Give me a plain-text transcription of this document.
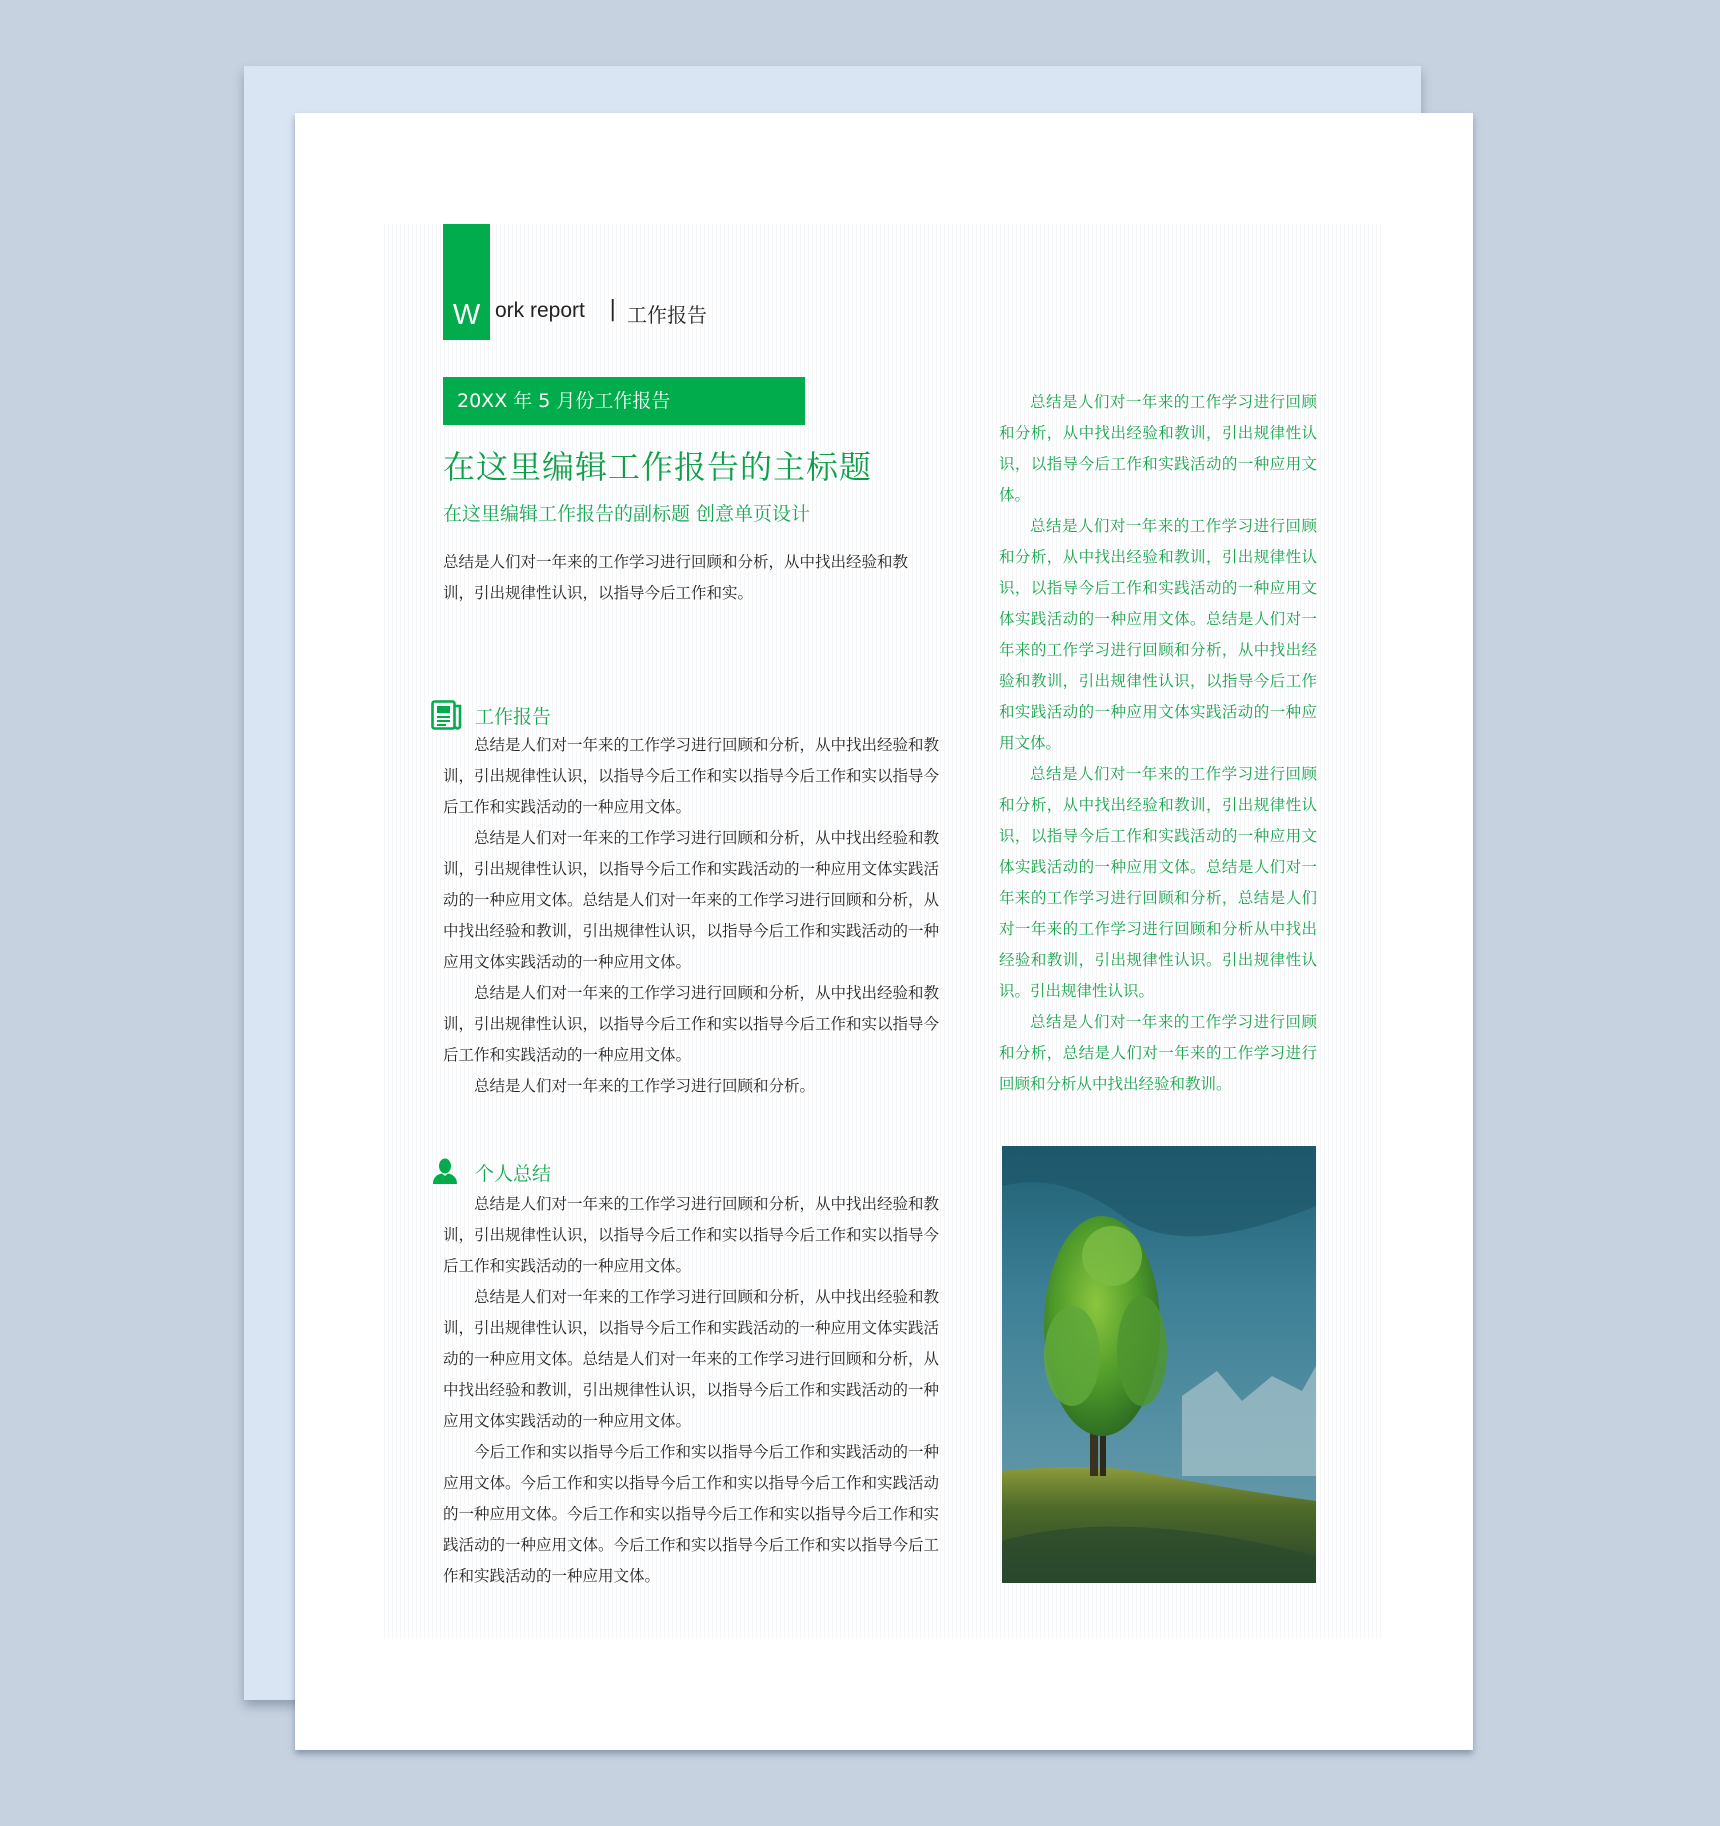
W ork report | 工作报告
20XX 年 5 月份工作报告
在这里编辑工作报告的主标题
在这里编辑工作报告的副标题 创意单页设计
总结是人们对一年来的工作学习进行回顾和分析，从中找出经验和教训，引出规律性认识，以指导今后工作和实。
工作报告

总结是人们对一年来的工作学习进行回顾和分析，从中找出经验和教训，引出规律性认识，以指导今后工作和实以指导今后工作和实以指导今后工作和实践活动的一种应用文体。

总结是人们对一年来的工作学习进行回顾和分析，从中找出经验和教训，引出规律性认识，以指导今后工作和实践活动的一种应用文体实践活动的一种应用文体。总结是人们对一年来的工作学习进行回顾和分析，从中找出经验和教训，引出规律性认识，以指导今后工作和实践活动的一种应用文体实践活动的一种应用文体。

总结是人们对一年来的工作学习进行回顾和分析，从中找出经验和教训，引出规律性认识，以指导今后工作和实以指导今后工作和实以指导今后工作和实践活动的一种应用文体。

总结是人们对一年来的工作学习进行回顾和分析。

个人总结

总结是人们对一年来的工作学习进行回顾和分析，从中找出经验和教训，引出规律性认识，以指导今后工作和实以指导今后工作和实以指导今后工作和实践活动的一种应用文体。

总结是人们对一年来的工作学习进行回顾和分析，从中找出经验和教训，引出规律性认识，以指导今后工作和实践活动的一种应用文体实践活动的一种应用文体。总结是人们对一年来的工作学习进行回顾和分析，从中找出经验和教训，引出规律性认识，以指导今后工作和实践活动的一种应用文体实践活动的一种应用文体。

今后工作和实以指导今后工作和实以指导今后工作和实践活动的一种应用文体。今后工作和实以指导今后工作和实以指导今后工作和实践活动的一种应用文体。今后工作和实以指导今后工作和实以指导今后工作和实践活动的一种应用文体。今后工作和实以指导今后工作和实以指导今后工作和实践活动的一种应用文体。

总结是人们对一年来的工作学习进行回顾和分析，从中找出经验和教训，引出规律性认识，以指导今后工作和实践活动的一种应用文体。

总结是人们对一年来的工作学习进行回顾和分析，从中找出经验和教训，引出规律性认识，以指导今后工作和实践活动的一种应用文体实践活动的一种应用文体。总结是人们对一年来的工作学习进行回顾和分析，从中找出经验和教训，引出规律性认识，以指导今后工作和实践活动的一种应用文体实践活动的一种应用文体。

总结是人们对一年来的工作学习进行回顾和分析，从中找出经验和教训，引出规律性认识，以指导今后工作和实践活动的一种应用文体实践活动的一种应用文体。总结是人们对一年来的工作学习进行回顾和分析，总结是人们对一年来的工作学习进行回顾和分析从中找出经验和教训，引出规律性认识。引出规律性认识。引出规律性认识。

总结是人们对一年来的工作学习进行回顾和分析，总结是人们对一年来的工作学习进行回顾和分析从中找出经验和教训。
